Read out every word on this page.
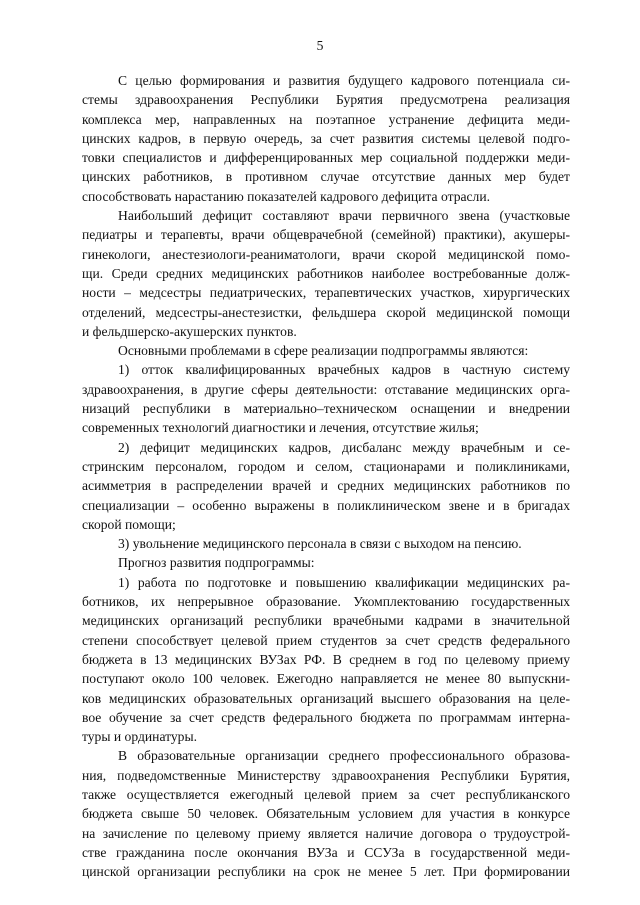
5
С целью формирования и развития будущего кадрового потенциала си-
стемы здравоохранения Республики Бурятия предусмотрена реализация
комплекса мер, направленных на поэтапное устранение дефицита меди-
цинских кадров, в первую очередь, за счет развития системы целевой подго-
товки специалистов и дифференцированных мер социальной поддержки меди-
цинских работников, в противном случае отсутствие данных мер будет
способствовать нарастанию показателей кадрового дефицита отрасли.
Наибольший дефицит составляют врачи первичного звена (участковые
педиатры и терапевты, врачи общеврачебной (семейной) практики), акушеры-
гинекологи, анестезиологи-реаниматологи, врачи скорой медицинской помо-
щи. Среди средних медицинских работников наиболее востребованные долж-
ности – медсестры педиатрических, терапевтических участков, хирургических
отделений, медсестры-анестезистки, фельдшера скорой медицинской помощи
и фельдшерско-акушерских пунктов.
Основными проблемами в сфере реализации подпрограммы являются:
1) отток квалифицированных врачебных кадров в частную систему
здравоохранения, в другие сферы деятельности: отставание медицинских орга-
низаций республики в материально–техническом оснащении и внедрении
современных технологий диагностики и лечения, отсутствие жилья;
2) дефицит медицинских кадров, дисбаланс между врачебным и се-
стринским персоналом, городом и селом, стационарами и поликлиниками,
асимметрия в распределении врачей и средних медицинских работников по
специализации – особенно выражены в поликлиническом звене и в бригадах
скорой помощи;
3) увольнение медицинского персонала в связи с выходом на пенсию.
Прогноз развития подпрограммы:
1) работа по подготовке и повышению квалификации медицинских ра-
ботников, их непрерывное образование. Укомплектованию государственных
медицинских организаций республики врачебными кадрами в значительной
степени способствует целевой прием студентов за счет средств федерального
бюджета в 13 медицинских ВУЗах РФ. В среднем в год по целевому приему
поступают около 100 человек. Ежегодно направляется не менее 80 выпускни-
ков медицинских образовательных организаций высшего образования на целе-
вое обучение за счет средств федерального бюджета по программам интерна-
туры и ординатуры.
В образовательные организации среднего профессионального образова-
ния, подведомственные Министерству здравоохранения Республики Бурятия,
также осуществляется ежегодный целевой прием за счет республиканского
бюджета свыше 50 человек. Обязательным условием для участия в конкурсе
на зачисление по целевому приему является наличие договора о трудоустрой-
стве гражданина после окончания ВУЗа и ССУЗа в государственной меди-
цинской организации республики на срок не менее 5 лет. При формировании
